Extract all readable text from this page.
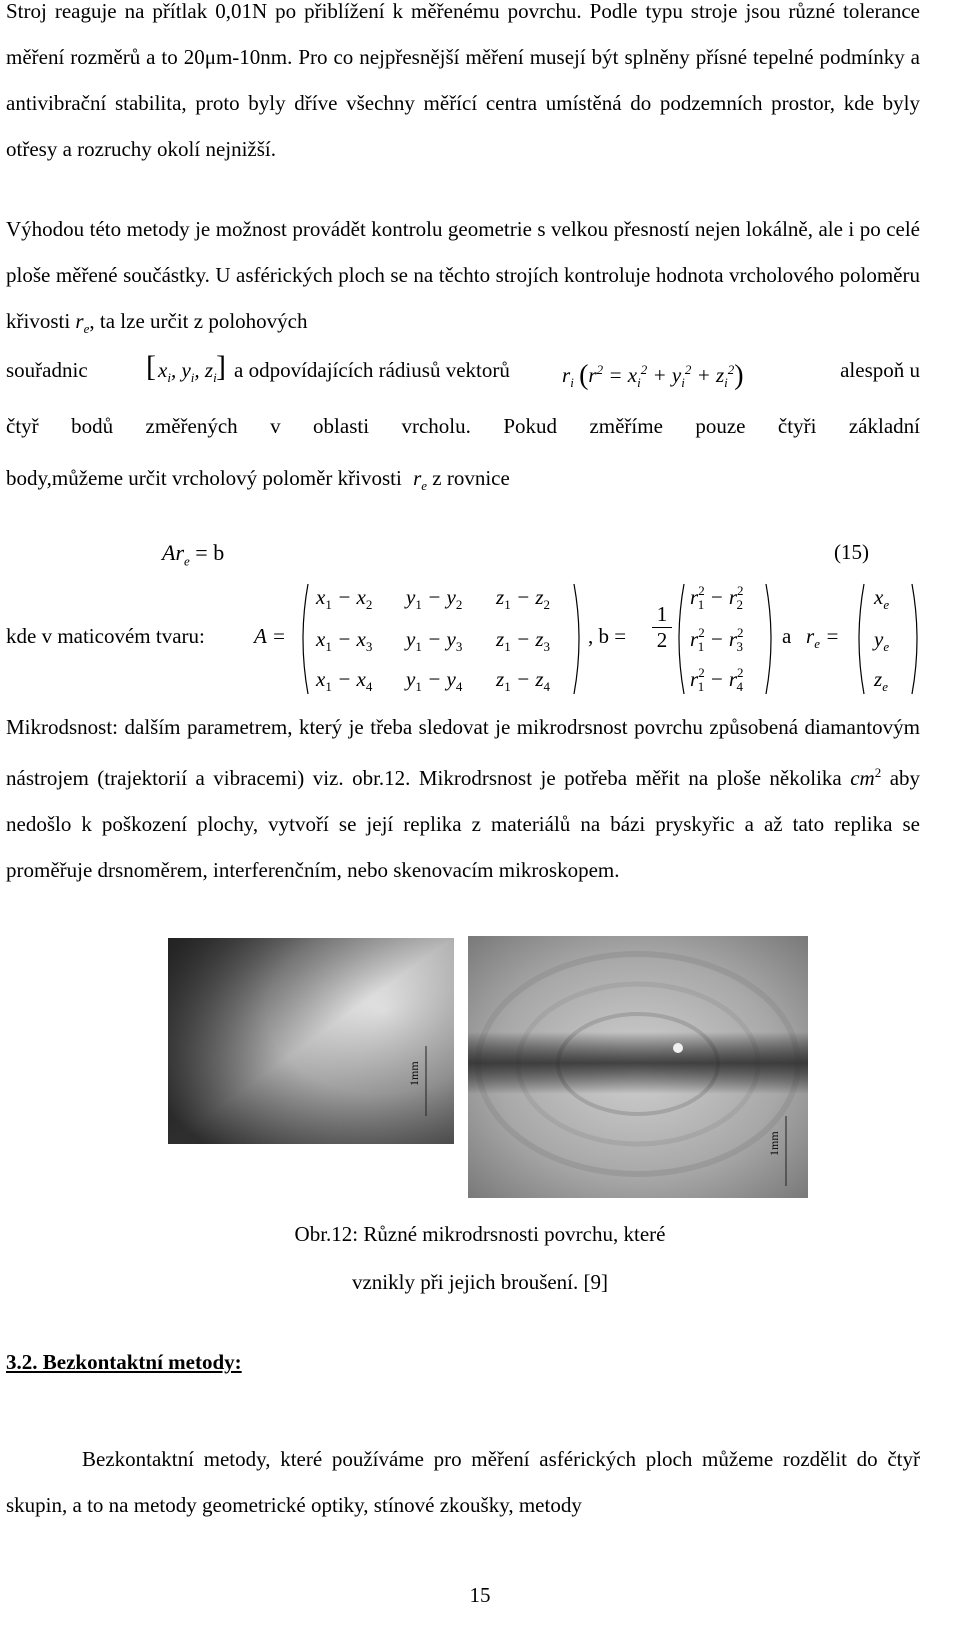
Stroj reaguje na přítlak 0,01N po přiblížení k měřenému povrchu. Podle typu stroje jsou různé tolerance měření rozměrů a to 20μm-10nm. Pro co nejpřesnější měření musejí být splněny přísné tepelné podmínky a antivibrační stabilita, proto byly dříve všechny měřící centra umístěná do podzemních prostor, kde byly otřesy a rozruchy okolí nejnižší.

Výhodou této metody je možnost provádět kontrolu geometrie s velkou přesností nejen lokálně, ale i po celé ploše měřené součástky. U asférických ploch se na těchto strojích kontroluje hodnota vrcholového poloměru křivosti $r_e$, ta lze určit z polohových

souřadnic [ $x_i$, $y_i$, $z_i$ ] a odpovídajících rádiusů vektorů $r_i$ $(r^2 = x_i^2 + y_i^2 + z_i^2)$	alespoň u
čtyř bodů změřených v oblasti vrcholu. Pokud změříme pouze čtyři základní
body,můžeme určit vrcholový poloměr křivosti $r_e$ z rovnice
$Ar_e = b$	(15)
kde v maticovém tvaru: A =
$x_1 - x_2$ $y_1 - y_2$ $z_1 - z_2$
$x_1 - x_3$ $y_1 - y_3$ $z_1 - z_3$
$x_1 - x_4$ $y_1 - y_4$ $z_1 - z_4$
, $b = \frac{1}{2}$
$r^2$ $1 - r^2$ 2
$r^2$ $1 - r^2$ 3
$r^2$ $1 - r^2$ 4
a $r_e$ =
$x_e$
$y_e$
$z_e$

Mikrodsnost: dalším parametrem, který je třeba sledovat je mikrodrsnost povrchu způsobená diamantovým nástrojem (trajektorií a vibracemi) viz. obr.12. Mikrodrsnost je potřeba měřit na ploše několika $cm^2$ aby nedošlo k poškození plochy, vytvoří se její replika z materiálů na bázi pryskyřic a až tato replika se proměřuje drsnoměrem, interferenčním, nebo skenovacím mikroskopem.

1mm
1mm
Obr.12: Různé mikrodrsnosti povrchu, které
vznikly při jejich broušení. [9]
3.2. Bezkontaktní metody:

Bezkontaktní metody, které používáme pro měření asférických ploch můžeme rozdělit do čtyř skupin, a to na metody geometrické optiky, stínové zkoušky, metody

15
